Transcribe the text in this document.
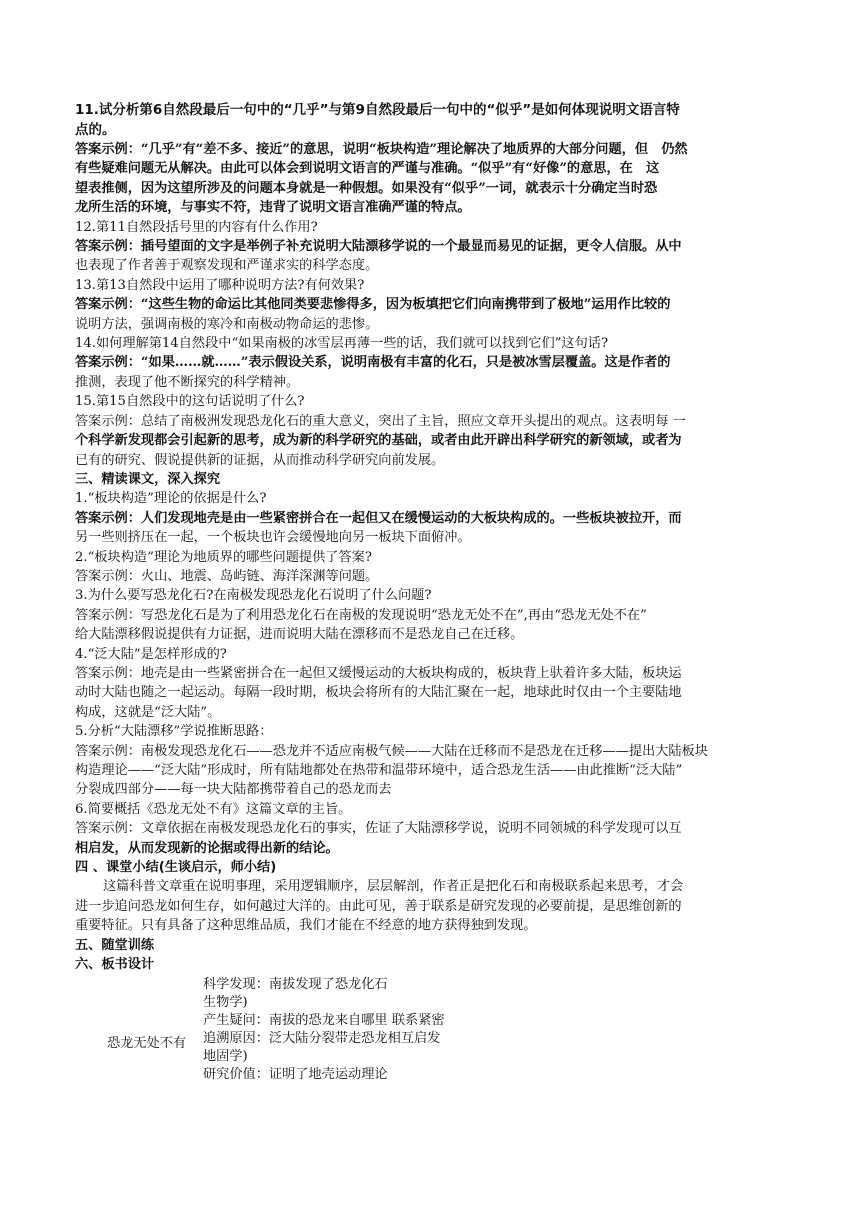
11.试分析第6自然段最后一句中的“几乎”与第9自然段最后一句中的“似乎”是如何体现说明文语言特
点的。
答案示例：“几乎”有“差不多、接近”的意思，说明“板块构造”理论解决了地质界的大部分问题，但　仍然
有些疑难问题无从解决。由此可以体会到说明文语言的严谨与准确。“似乎”有“好像”的意思，在　这
望表推侧，因为这望所涉及的问题本身就是一种假想。如果没有“似乎”一词，就表示十分确定当时恐
龙所生活的环境，与事实不符，违背了说明文语言准确严谨的特点。
12.第11自然段括号里的内容有什么作用?
答案示例：插号望面的文字是举例子补充说明大陆漂移学说的一个最显而易见的证据，更令人信服。从中
也表现了作者善于观察发现和严谨求实的科学态度。
13.第13自然段中运用了哪种说明方法?有何效果?
答案示例：“这些生物的命运比其他同类要悲惨得多，因为板填把它们向南携带到了极地”运用作比较的
说明方法，强调南极的寒冷和南极动物命运的悲惨。
14.如何理解第14自然段中“如果南极的冰雪层再薄一些的话，我们就可以找到它们”这句话?
答案示例：“如果……就……”表示假设关系，说明南极有丰富的化石，只是被冰雪层覆盖。这是作者的
推测，表现了他不断探究的科学精神。
15.第15自然段中的这句话说明了什么?
答案示例：总结了南极洲发现恐龙化石的重大意义，突出了主旨，照应文章开头提出的观点。这表明每 一
个科学新发现都会引起新的思考，成为新的科学研究的基础，或者由此开辟出科学研究的新领域，或者为
已有的研究、假说提供新的证据，从而推动科学研究向前发展。
三、精读课文，深入探究
1.“板块构造”理论的依据是什么?
答案示例：人们发现地壳是由一些紧密拼合在一起但又在缓慢运动的大板块构成的。一些板块被拉开，而
另一些则挤压在一起，一个板块也许会缓慢地向另一板块下面俯冲。
2.“板块构造”理论为地质界的哪些问题提供了答案?
答案示例：火山、地震、岛屿链、海洋深渊等问题。
3.为什么要写恐龙化石?在南极发现恐龙化石说明了什么问题?
答案示例：写恐龙化石是为了利用恐龙化石在南极的发现说明“恐龙无处不在”,再由“恐龙无处不在”
给大陆漂移假说提供有力证据，进而说明大陆在漂移而不是恐龙自己在迁移。
4.“泛大陆”是怎样形成的?
答案示例：地壳是由一些紧密拼合在一起但又缓慢运动的大板块构成的，板块背上驮着许多大陆，板块运
动时大陆也随之一起运动。每隔一段时期，板块会将所有的大陆汇聚在一起，地球此时仅由一个主要陆地
构成，这就是“泛大陆”。
5.分析“大陆漂移”学说推断思路：
答案示例：南极发现恐龙化石——恐龙并不适应南极气候——大陆在迁移而不是恐龙在迁移——提出大陆板块
构造理论——“泛大陆”形成时，所有陆地都处在热带和温带环境中，适合恐龙生活——由此推断“泛大陆”
分裂成四部分——每一块大陆都携带着自己的恐龙而去
6.简要概括《恐龙无处不有》这篇文章的主旨。
答案示例：文章依据在南极发现恐龙化石的事实，佐证了大陆漂移学说，说明不同领城的科学发现可以互
相启发，从而发现新的论据或得出新的结论。
四 、课堂小结(生谈启示，师小结)
这篇科普文章重在说明事理，采用逻辑顺序，层层解剖，作者正是把化石和南极联系起来思考，才会
进一步追问恐龙如何生存，如何越过大洋的。由此可见，善于联系是研究发现的必要前提，是思维创新的
重要特征。只有具备了这种思维品质，我们才能在不经意的地方获得独到发现。
五、随堂训练
六、板书设计
恐龙无处不有
科学发现：南拔发现了恐龙化石
生物学)
产生疑问：南拔的恐龙来自哪里 联系紧密
追溯原因：泛大陆分裂带走恐龙相互启发
地固学)
研究价值：证明了地壳运动理论
